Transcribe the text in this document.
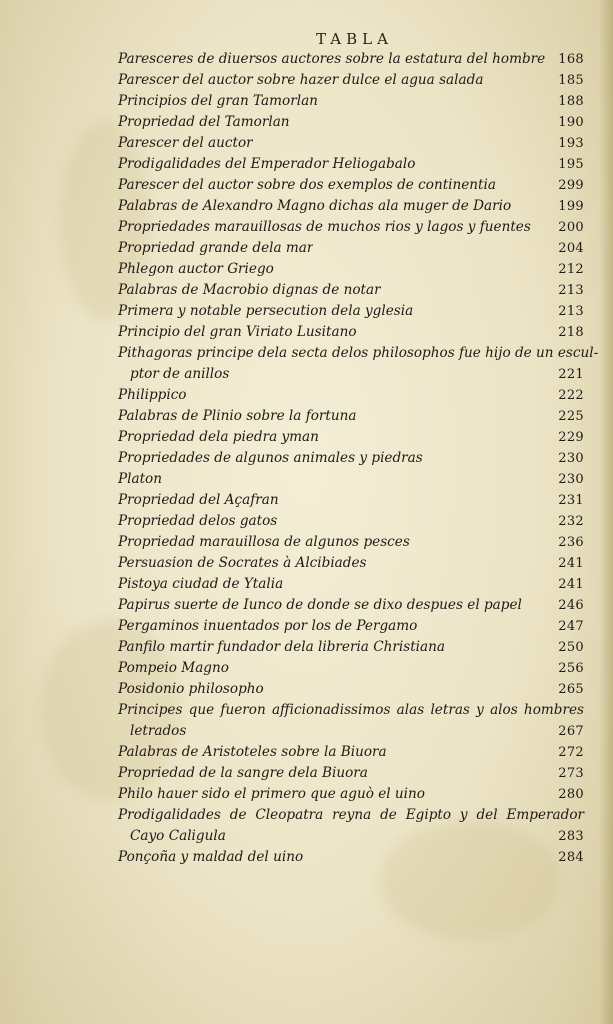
TABLA
Paresceres de diuersos auctores sobre la estatura del hombre	168
Parescer del auctor sobre hazer dulce el agua salada	185
Principios del gran Tamorlan	188
Propriedad del Tamorlan	190
Parescer del auctor	193
Prodigalidades del Emperador Heliogabalo	195
Parescer del auctor sobre dos exemplos de continentia	299
Palabras de Alexandro Magno dichas ala muger de Dario	199
Propriedades marauillosas de muchos rios y lagos y fuentes	200
Propriedad grande dela mar	204
Phlegon auctor Griego	212
Palabras de Macrobio dignas de notar	213
Primera y notable persecution dela yglesia	213
Principio del gran Viriato Lusitano	218
Pithagoras principe dela secta delos philosophos fue hijo de un escul-
ptor de anillos	221
Philippico	222
Palabras de Plinio sobre la fortuna	225
Propriedad dela piedra yman	229
Propriedades de algunos animales y piedras	230
Platon	230
Propriedad del Açafran	231
Propriedad delos gatos	232
Propriedad marauillosa de algunos pesces	236
Persuasion de Socrates à Alcibiades	241
Pistoya ciudad de Ytalia	241
Papirus suerte de Iunco de donde se dixo despues el papel	246
Pergaminos inuentados por los de Pergamo	247
Panfilo martir fundador dela libreria Christiana	250
Pompeio Magno	256
Posidonio philosopho	265
Principes que fueron afficionadissimos alas letras y alos hombres
letrados	267
Palabras de Aristoteles sobre la Biuora	272
Propriedad de la sangre dela Biuora	273
Philo hauer sido el primero que aguò el uino	280
Prodigalidades de Cleopatra reyna de Egipto y del Emperador
Cayo Caligula	283
Ponçoña y maldad del uino	284
